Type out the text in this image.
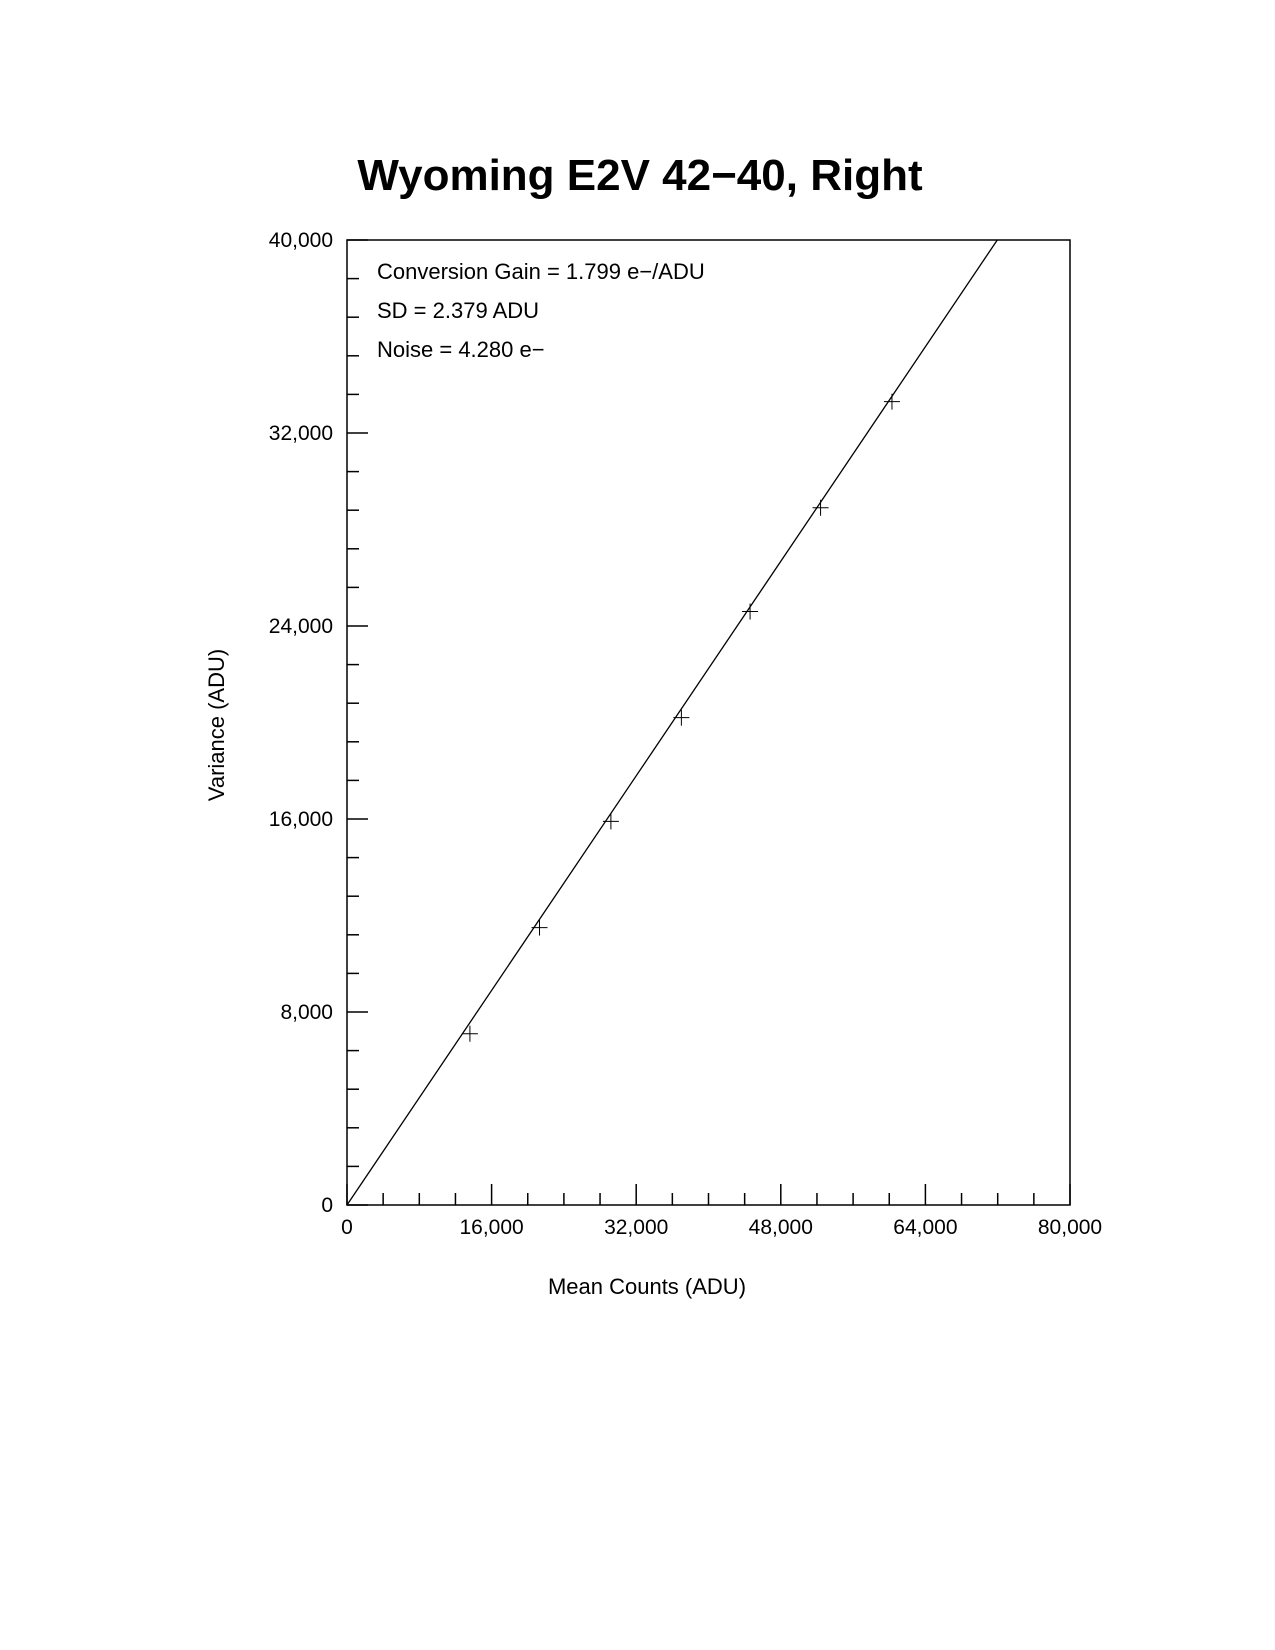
Wyoming E2V 42−40, Right
0
8,000
16,000
24,000
32,000
40,000
0	16,000	32,000	48,000	64,000	80,000
Conversion Gain = 1.799 e−/ADU
SD = 2.379 ADU
Noise = 4.280 e−
Mean Counts (ADU)
Variance (ADU)
